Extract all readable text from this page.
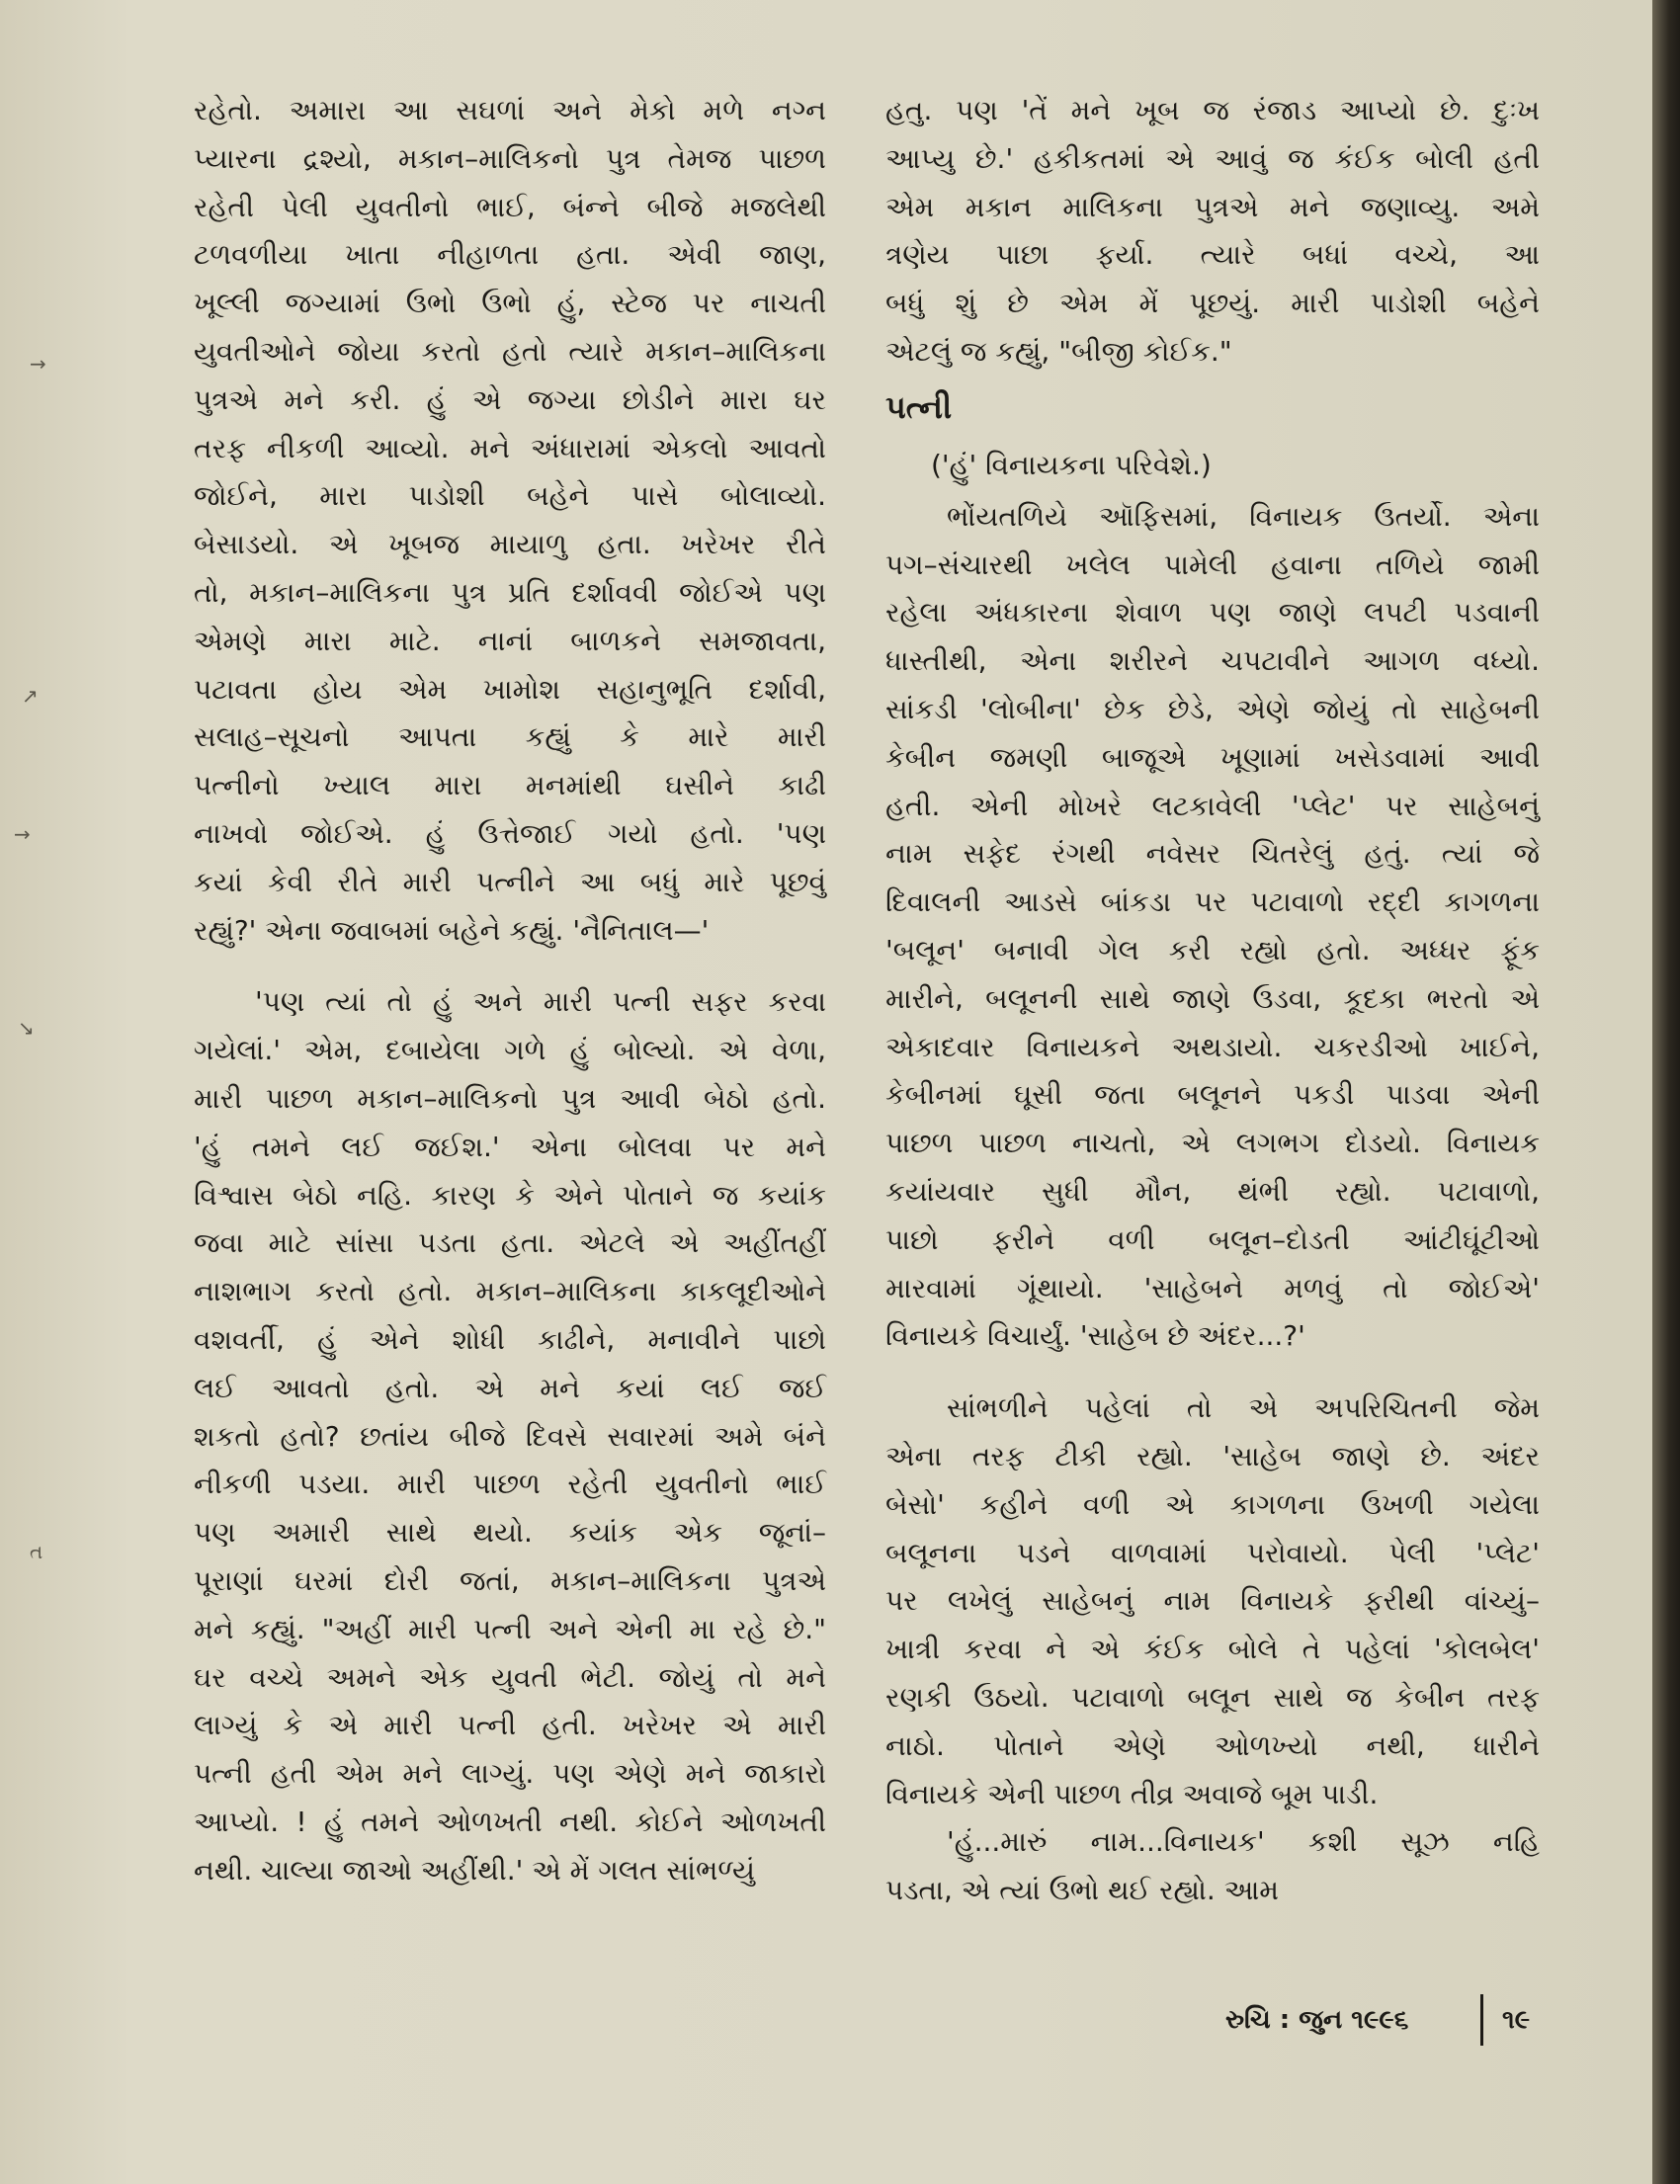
→
↗
→
↘
ત
રહેતો. અમારા આ સઘળાં અને મેકો મળે નગ્ન
પ્યારના દ્રશ્યો, મકાન–માલિકનો પુત્ર તેમજ પાછળ
રહેતી પેલી યુવતીનો ભાઈ, બંન્ને બીજે મજલેથી
ટળવળીયા ખાતા નીહાળતા હતા. એવી જાણ,
ખૂલ્લી જગ્યામાં ઉભો ઉભો હું, સ્ટેજ પર નાચતી
યુવતીઓને જોયા કરતો હતો ત્યારે મકાન–માલિકના
પુત્રએ મને કરી. હું એ જગ્યા છોડીને મારા ઘર
તરફ નીકળી આવ્યો. મને અંધારામાં એકલો આવતો
જોઈને, મારા પાડોશી બહેને પાસે બોલાવ્યો.
બેસાડયો. એ ખૂબજ માયાળુ હતા. ખરેખર રીતે
તો, મકાન–માલિકના પુત્ર પ્રતિ દર્શાવવી જોઈએ પણ
એમણે મારા માટે. નાનાં બાળકને સમજાવતા,
પટાવતા હોય એમ ખામોશ સહાનુભૂતિ દર્શાવી,
સલાહ–સૂચનો આપતા કહ્યું કે મારે મારી
પત્નીનો ખ્યાલ મારા મનમાંથી ઘસીને કાઢી
નાખવો જોઈએ. હું ઉત્તેજાઈ ગયો હતો. 'પણ
કયાં કેવી રીતે મારી પત્નીને આ બધું મારે પૂછવું
રહ્યું?' એના જવાબમાં બહેને કહ્યું. 'નૈનિતાલ—'
'પણ ત્યાં તો હું અને મારી પત્ની સફર કરવા
ગયેલાં.' એમ, દબાયેલા ગળે હું બોલ્યો. એ વેળા,
મારી પાછળ મકાન–માલિકનો પુત્ર આવી બેઠો હતો.
'હું તમને લઈ જઈશ.' એના બોલવા પર મને
વિશ્વાસ બેઠો નહિ. કારણ કે એને પોતાને જ કયાંક
જવા માટે સાંસા પડતા હતા. એટલે એ અહીંતહીં
નાશભાગ કરતો હતો. મકાન–માલિકના કાકલૂદીઓને
વશવર્તી, હું એને શોધી કાઢીને, મનાવીને પાછો
લઈ આવતો હતો. એ મને કયાં લઈ જઈ
શકતો હતો? છતાંય બીજે દિવસે સવારમાં અમે બંને
નીકળી પડયા. મારી પાછળ રહેતી યુવતીનો ભાઈ
પણ અમારી સાથે થયો. કયાંક એક જૂનાં–
પૂરાણાં ઘરમાં દોરી જતાં, મકાન–માલિકના પુત્રએ
મને કહ્યું. "અહીં મારી પત્ની અને એની મા રહે છે."
ઘર વચ્ચે અમને એક યુવતી ભેટી. જોયું તો મને
લાગ્યું કે એ મારી પત્ની હતી. ખરેખર એ મારી
પત્ની હતી એમ મને લાગ્યું. પણ એણે મને જાકારો
આપ્યો. ! હું તમને ઓળખતી નથી. કોઈને ઓળખતી
નથી. ચાલ્યા જાઓ અહીંથી.' એ મેં ગલત સાંભળ્યું
હતુ. પણ 'તેં મને ખૂબ જ રંજાડ આપ્યો છે. દુઃખ
આપ્યુ છે.' હકીકતમાં એ આવું જ કંઈક બોલી હતી
એમ મકાન માલિકના પુત્રએ મને જણાવ્યુ. અમે
ત્રણેય પાછા ફર્યા. ત્યારે બધાં વચ્ચે, આ
બધું શું છે એમ મેં પૂછયું. મારી પાડોશી બહેને
એટલું જ કહ્યું, "બીજી કોઈક."
પત્ની
('હું' વિનાયકના પરિવેશે.)
ભોંયતળિયે ઑફિસમાં, વિનાયક ઉતર્યો. એના
પગ–સંચારથી ખલેલ પામેલી હવાના તળિયે જામી
રહેલા અંધકારના શેવાળ પણ જાણે લપટી પડવાની
ધાસ્તીથી, એના શરીરને ચપટાવીને આગળ વધ્યો.
સાંકડી 'લોબીના' છેક છેડે, એણે જોયું તો સાહેબની
કેબીન જમણી બાજૂએ ખૂણામાં ખસેડવામાં આવી
હતી. એની મોખરે લટકાવેલી 'પ્લેટ' પર સાહેબનું
નામ સફેદ રંગથી નવેસર ચિતરેલું હતું. ત્યાં જે
દિવાલની આડસે બાંકડા પર પટાવાળો રદ્દી કાગળના
'બલૂન' બનાવી ગેલ કરી રહ્યો હતો. અધ્ધર ફૂંક
મારીને, બલૂનની સાથે જાણે ઉડવા, કૂદકા ભરતો એ
એકાદવાર વિનાયકને અથડાયો. ચકરડીઓ ખાઈને,
કેબીનમાં ઘૂસી જતા બલૂનને પકડી પાડવા એની
પાછળ પાછળ નાચતો, એ લગભગ દોડયો. વિનાયક
કયાંયવાર સુધી મૌન, થંભી રહ્યો. પટાવાળો,
પાછો ફરીને વળી બલૂન–દોડતી આંટીઘૂંટીઓ
મારવામાં ગૂંથાયો. 'સાહેબને મળવું તો જોઈએ'
વિનાયકે વિચાર્યું. 'સાહેબ છે અંદર...?'
સાંભળીને પહેલાં તો એ અપરિચિતની જેમ
એના તરફ ટીકી રહ્યો. 'સાહેબ જાણે છે. અંદર
બેસો' કહીને વળી એ કાગળના ઉખળી ગયેલા
બલૂનના પડને વાળવામાં પરોવાયો. પેલી 'પ્લેટ'
પર લખેલું સાહેબનું નામ વિનાયકે ફરીથી વાંચ્યું–
ખાત્રી કરવા ને એ કંઈક બોલે તે પહેલાં 'કોલબેલ'
રણકી ઉઠયો. પટાવાળો બલૂન સાથે જ કેબીન તરફ
નાઠો. પોતાને એણે ઓળખ્યો નથી, ધારીને
વિનાયકે એની પાછળ તીવ્ર અવાજે બૂમ પાડી.
'હું...મારું નામ...વિનાયક' કશી સૂઝ નહિ
પડતા, એ ત્યાં ઉભો થઈ રહ્યો. આમ
રુચિ : જુન ૧૯૯૬	૧૯
